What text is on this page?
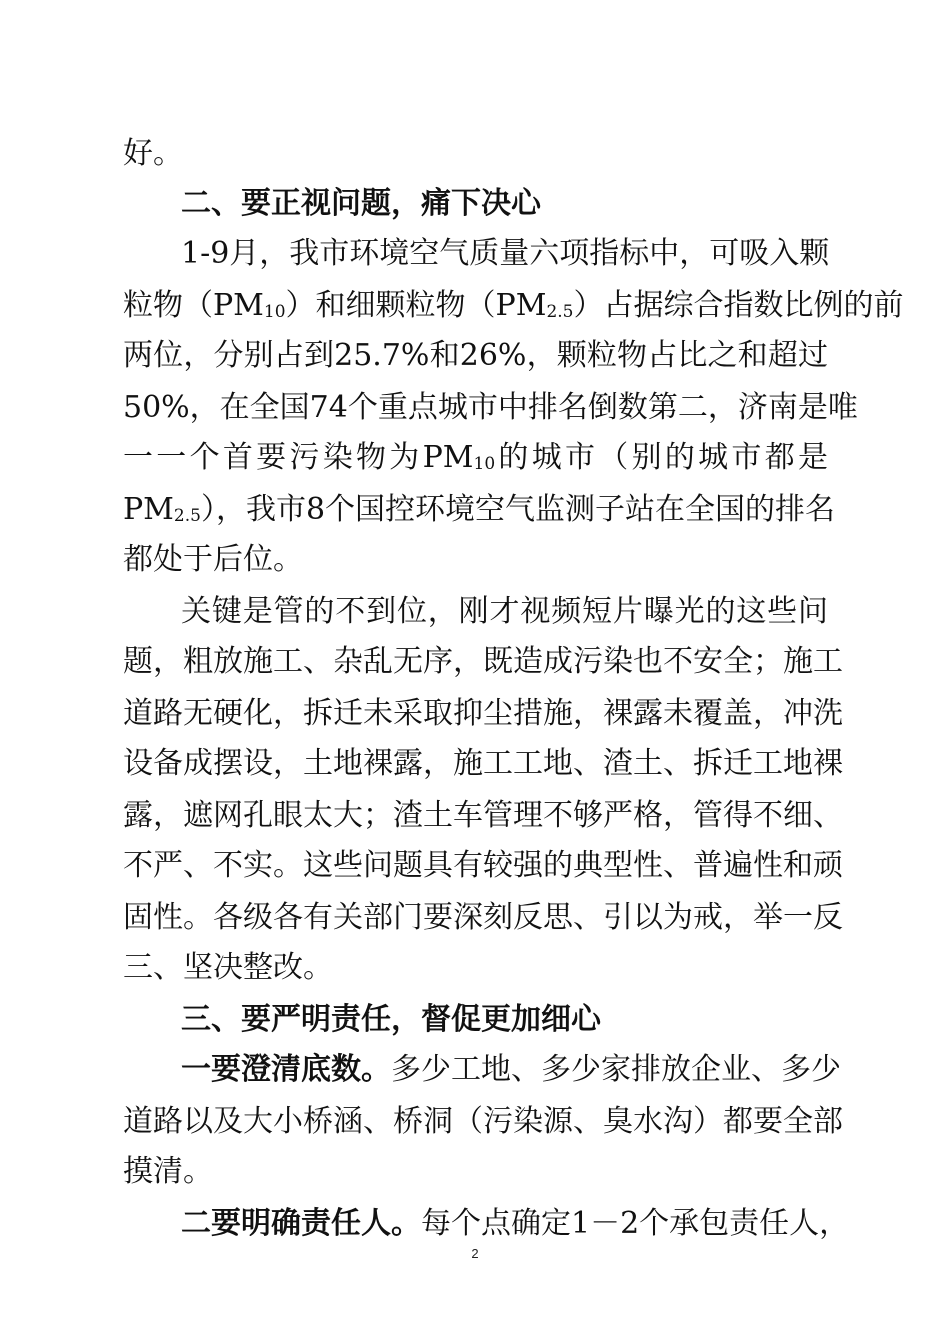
好。
二、要正视问题，痛下决心
1-9月，我市环境空气质量六项指标中，可吸入颗
粒物（PM10）和细颗粒物（PM2.5）占据综合指数比例的前
两位，分别占到25.7%和26%，颗粒物占比之和超过
50%，在全国74个重点城市中排名倒数第二，济南是唯
一一个首要污染物为PM10的城市（别的城市都是
PM2.5），我市8个国控环境空气监测子站在全国的排名
都处于后位。
关键是管的不到位，刚才视频短片曝光的这些问
题，粗放施工、杂乱无序，既造成污染也不安全；施工
道路无硬化，拆迁未采取抑尘措施，裸露未覆盖，冲洗
设备成摆设，土地裸露，施工工地、渣土、拆迁工地裸
露，遮网孔眼太大；渣土车管理不够严格，管得不细、
不严、不实。这些问题具有较强的典型性、普遍性和顽
固性。各级各有关部门要深刻反思、引以为戒，举一反
三、坚决整改。
三、要严明责任，督促更加细心
一要澄清底数。多少工地、多少家排放企业、多少
道路以及大小桥涵、桥洞（污染源、臭水沟）都要全部
摸清。
二要明确责任人。每个点确定1－2个承包责任人，
2
